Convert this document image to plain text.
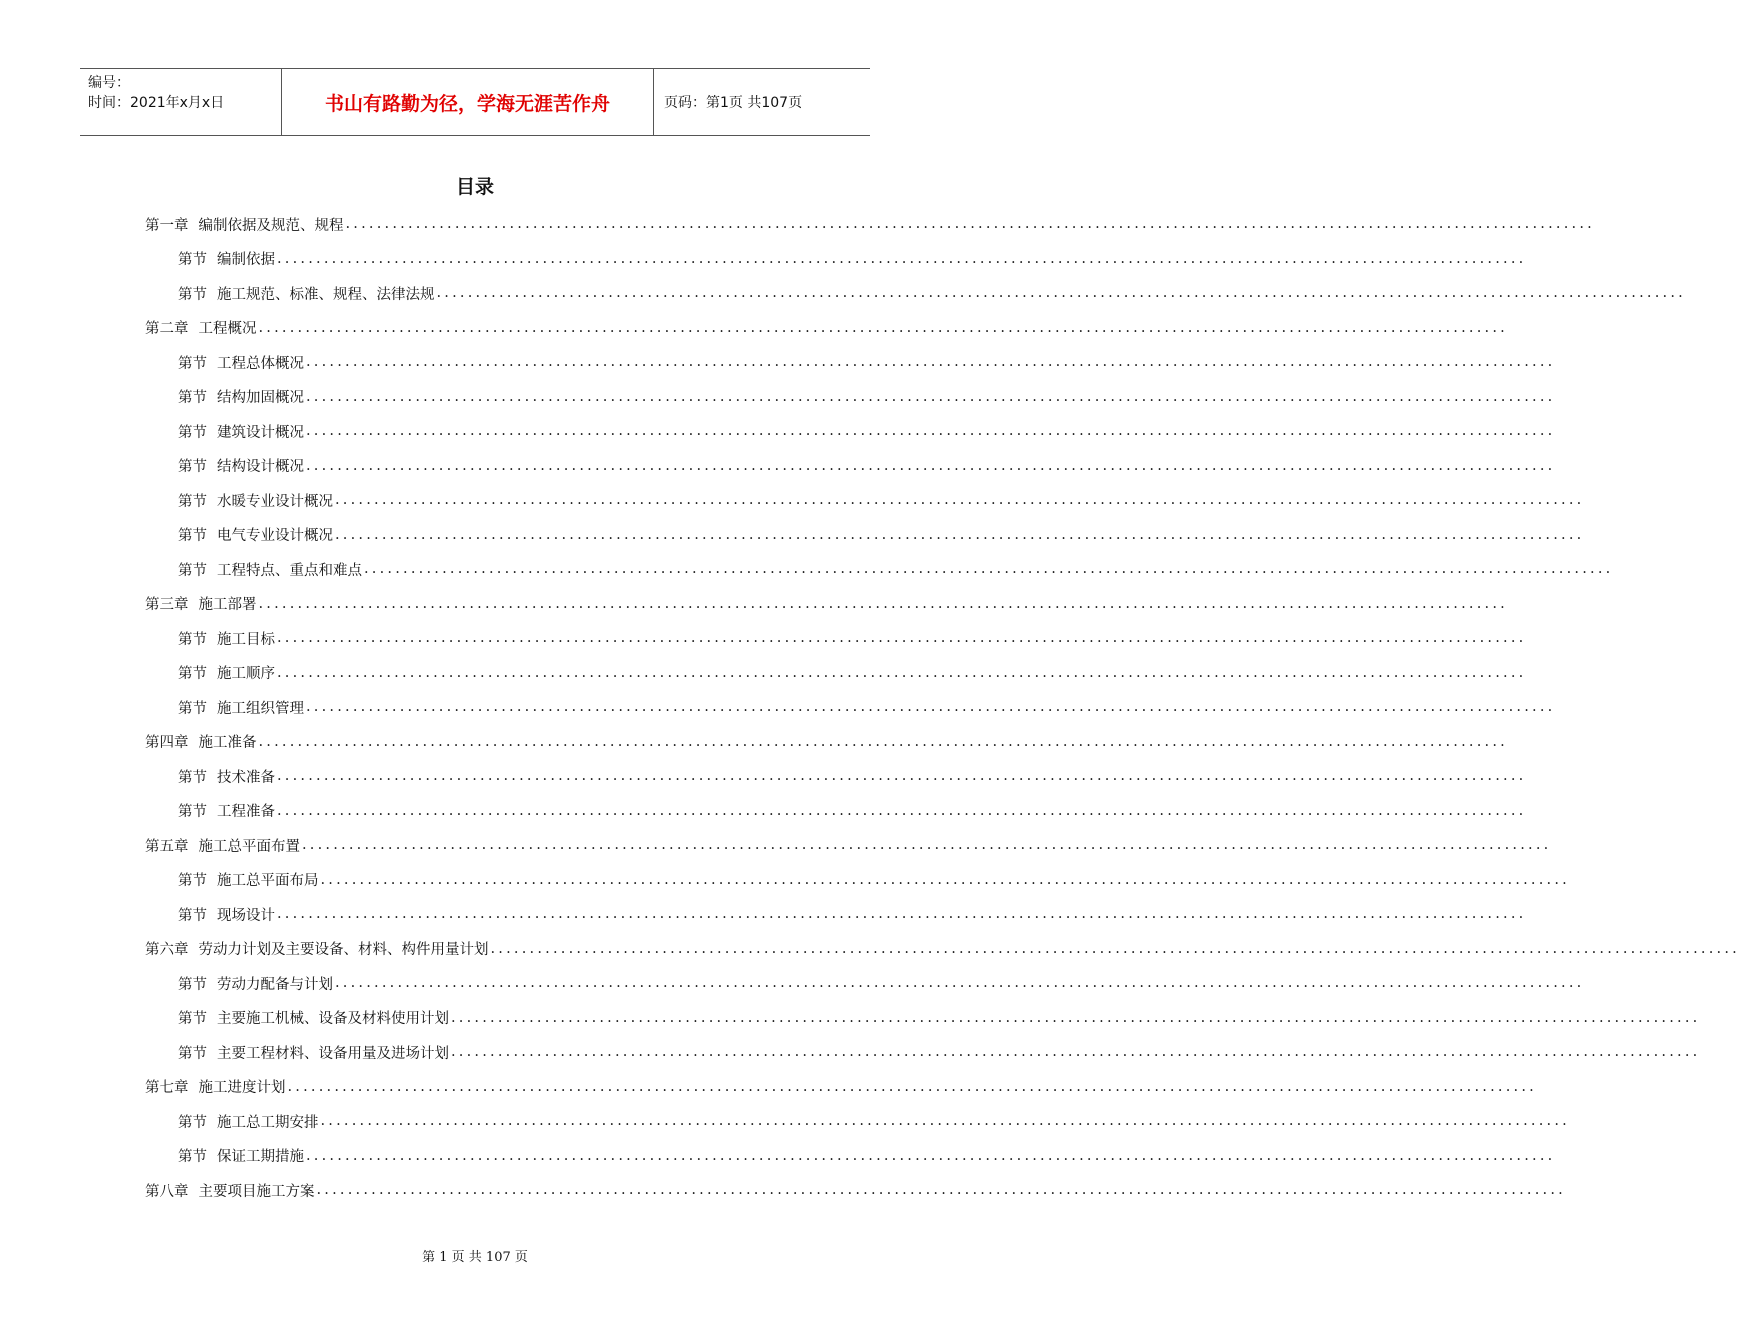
编号：
时间：2021年x月x日	书山有路勤为径，学海无涯苦作舟	页码：第1页 共107页
目录
第一章 编制依据及规范、规程 ................................................................................................................................................................
第节 编制依据 ................................................................................................................................................................
第节 施工规范、标准、规程、法律法规 ................................................................................................................................................................
第二章 工程概况 ................................................................................................................................................................
第节 工程总体概况 ................................................................................................................................................................
第节 结构加固概况 ................................................................................................................................................................
第节 建筑设计概况 ................................................................................................................................................................
第节 结构设计概况 ................................................................................................................................................................
第节 水暖专业设计概况 ................................................................................................................................................................
第节 电气专业设计概况 ................................................................................................................................................................
第节 工程特点、重点和难点 ................................................................................................................................................................
第三章 施工部署 ................................................................................................................................................................
第节 施工目标 ................................................................................................................................................................
第节 施工顺序 ................................................................................................................................................................
第节 施工组织管理 ................................................................................................................................................................
第四章 施工准备 ................................................................................................................................................................
第节 技术准备 ................................................................................................................................................................
第节 工程准备 ................................................................................................................................................................
第五章 施工总平面布置 ................................................................................................................................................................
第节 施工总平面布局 ................................................................................................................................................................
第节 现场设计 ................................................................................................................................................................
第六章 劳动力计划及主要设备、材料、构件用量计划 ................................................................................................................................................................
第节 劳动力配备与计划 ................................................................................................................................................................
第节 主要施工机械、设备及材料使用计划 ................................................................................................................................................................
第节 主要工程材料、设备用量及进场计划 ................................................................................................................................................................
第七章 施工进度计划 ................................................................................................................................................................
第节 施工总工期安排 ................................................................................................................................................................
第节 保证工期措施 ................................................................................................................................................................
第八章 主要项目施工方案 ................................................................................................................................................................
第 1 页 共 107 页
